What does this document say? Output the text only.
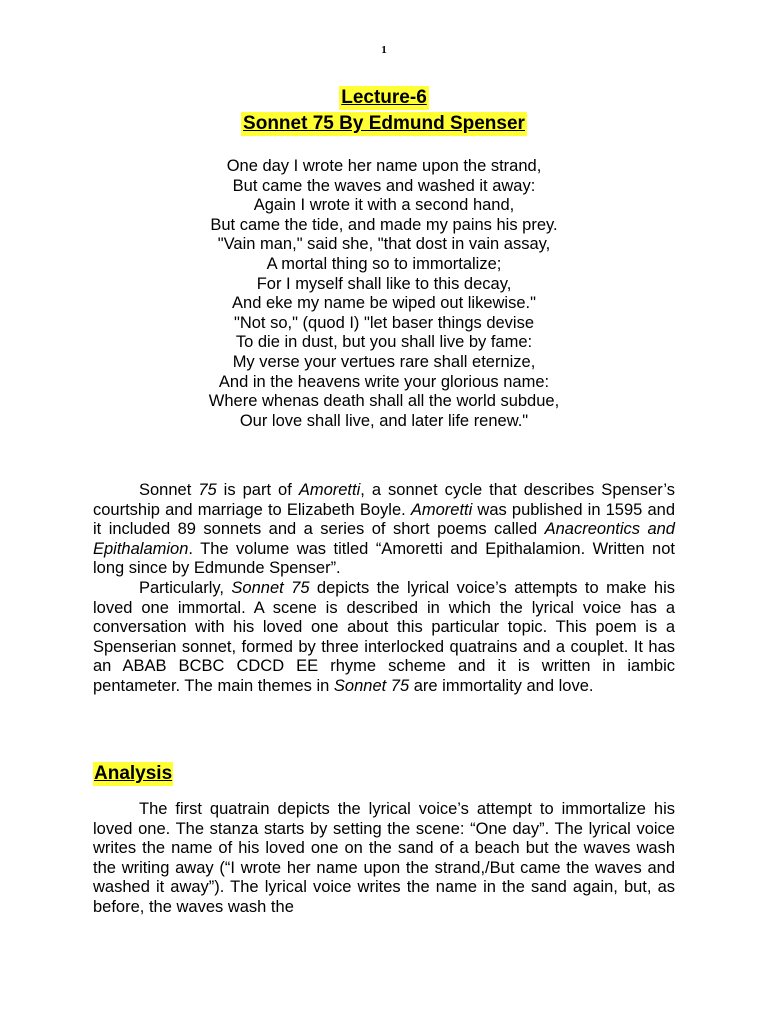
1
Lecture-6
Sonnet 75 By Edmund Spenser
One day I wrote her name upon the strand,
But came the waves and washed it away:
Again I wrote it with a second hand,
But came the tide, and made my pains his prey.
"Vain man," said she, "that dost in vain assay,
A mortal thing so to immortalize;
For I myself shall like to this decay,
And eke my name be wiped out likewise."
"Not so," (quod I) "let baser things devise
To die in dust, but you shall live by fame:
My verse your vertues rare shall eternize,
And in the heavens write your glorious name:
Where whenas death shall all the world subdue,
Our love shall live, and later life renew."

Sonnet 75 is part of Amoretti, a sonnet cycle that describes Spenser’s courtship and marriage to Elizabeth Boyle. Amoretti was published in 1595 and it included 89 sonnets and a series of short poems called Anacreontics and Epithalamion. The volume was titled “Amoretti and Epithalamion. Written not long since by Edmunde Spenser”.

Particularly, Sonnet 75 depicts the lyrical voice’s attempts to make his loved one immortal. A scene is described in which the lyrical voice has a conversation with his loved one about this particular topic. This poem is a Spenserian sonnet, formed by three interlocked quatrains and a couplet. It has an ABAB BCBC CDCD EE rhyme scheme and it is written in iambic pentameter. The main themes in Sonnet 75 are immortality and love.

Analysis

The first quatrain depicts the lyrical voice’s attempt to immortalize his loved one. The stanza starts by setting the scene: “One day”. The lyrical voice writes the name of his loved one on the sand of a beach but the waves wash the writing away (“I wrote her name upon the strand,/But came the waves and washed it away”). The lyrical voice writes the name in the sand again, but, as before, the waves wash the
